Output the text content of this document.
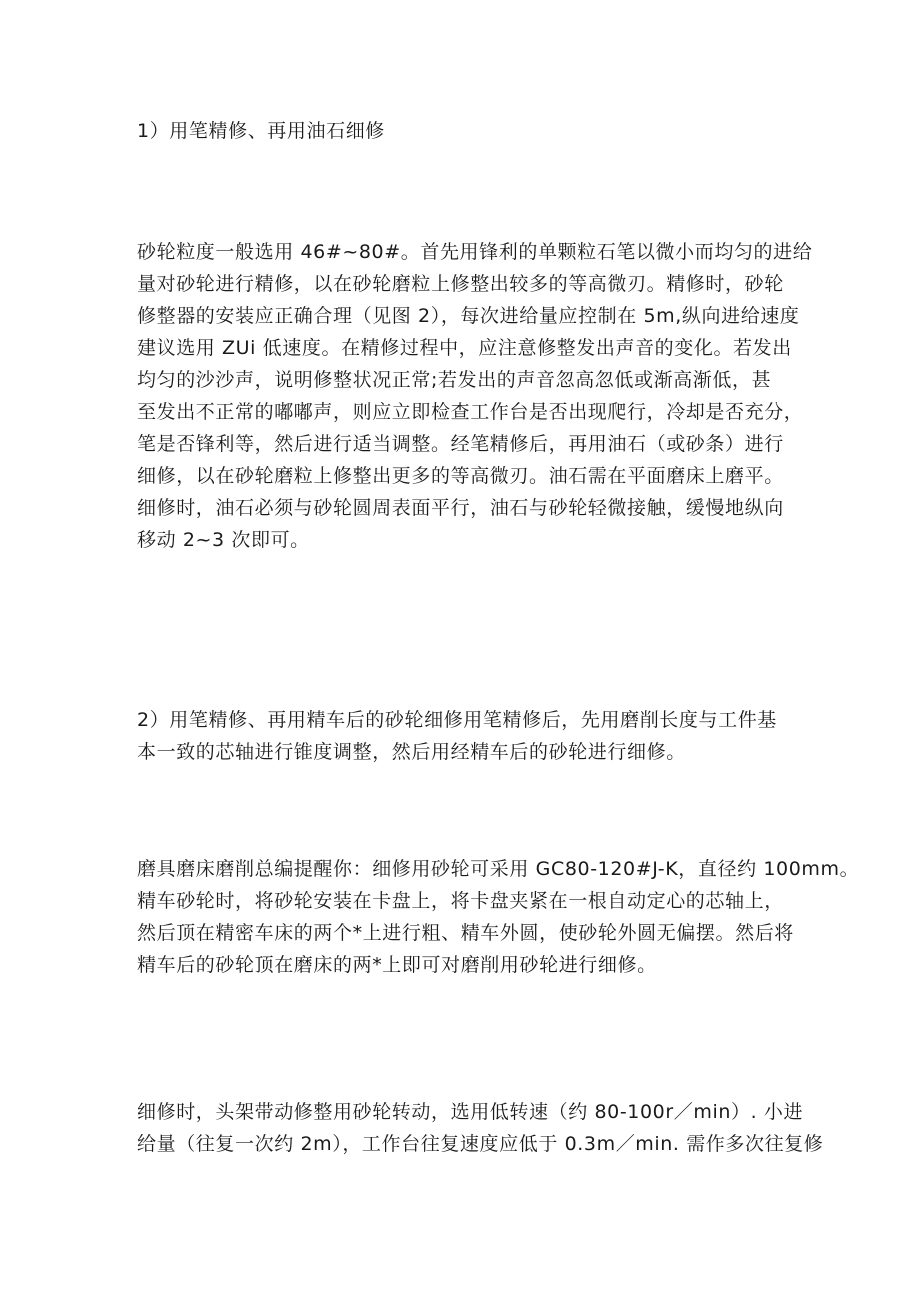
1）用笔精修、再用油石细修
砂轮粒度一般选用 46#~80#。首先用锋利的单颗粒石笔以微小而均匀的进给
量对砂轮进行精修，以在砂轮磨粒上修整出较多的等高微刃。精修时，砂轮
修整器的安装应正确合理（见图 2），每次进给量应控制在 5m,纵向进给速度
建议选用 ZUi 低速度。在精修过程中，应注意修整发出声音的变化。若发出
均匀的沙沙声，说明修整状况正常;若发出的声音忽高忽低或渐高渐低，甚
至发出不正常的嘟嘟声，则应立即检查工作台是否出现爬行，冷却是否充分，
笔是否锋利等，然后进行适当调整。经笔精修后，再用油石（或砂条）进行
细修，以在砂轮磨粒上修整出更多的等高微刃。油石需在平面磨床上磨平。
细修时，油石必须与砂轮圆周表面平行，油石与砂轮轻微接触，缓慢地纵向
移动 2~3 次即可。
2）用笔精修、再用精车后的砂轮细修用笔精修后，先用磨削长度与工件基
本一致的芯轴进行锥度调整，然后用经精车后的砂轮进行细修。
磨具磨床磨削总编提醒你：细修用砂轮可采用 GC80-120#J-K，直径约 100mm。
精车砂轮时，将砂轮安装在卡盘上，将卡盘夹紧在一根自动定心的芯轴上，
然后顶在精密车床的两个*上进行粗、精车外圆，使砂轮外圆无偏摆。然后将
精车后的砂轮顶在磨床的两*上即可对磨削用砂轮进行细修。
细修时，头架带动修整用砂轮转动，选用低转速（约 80-100r／min）. 小进
给量（往复一次约 2m），工作台往复速度应低于 0.3m／min. 需作多次往复修
